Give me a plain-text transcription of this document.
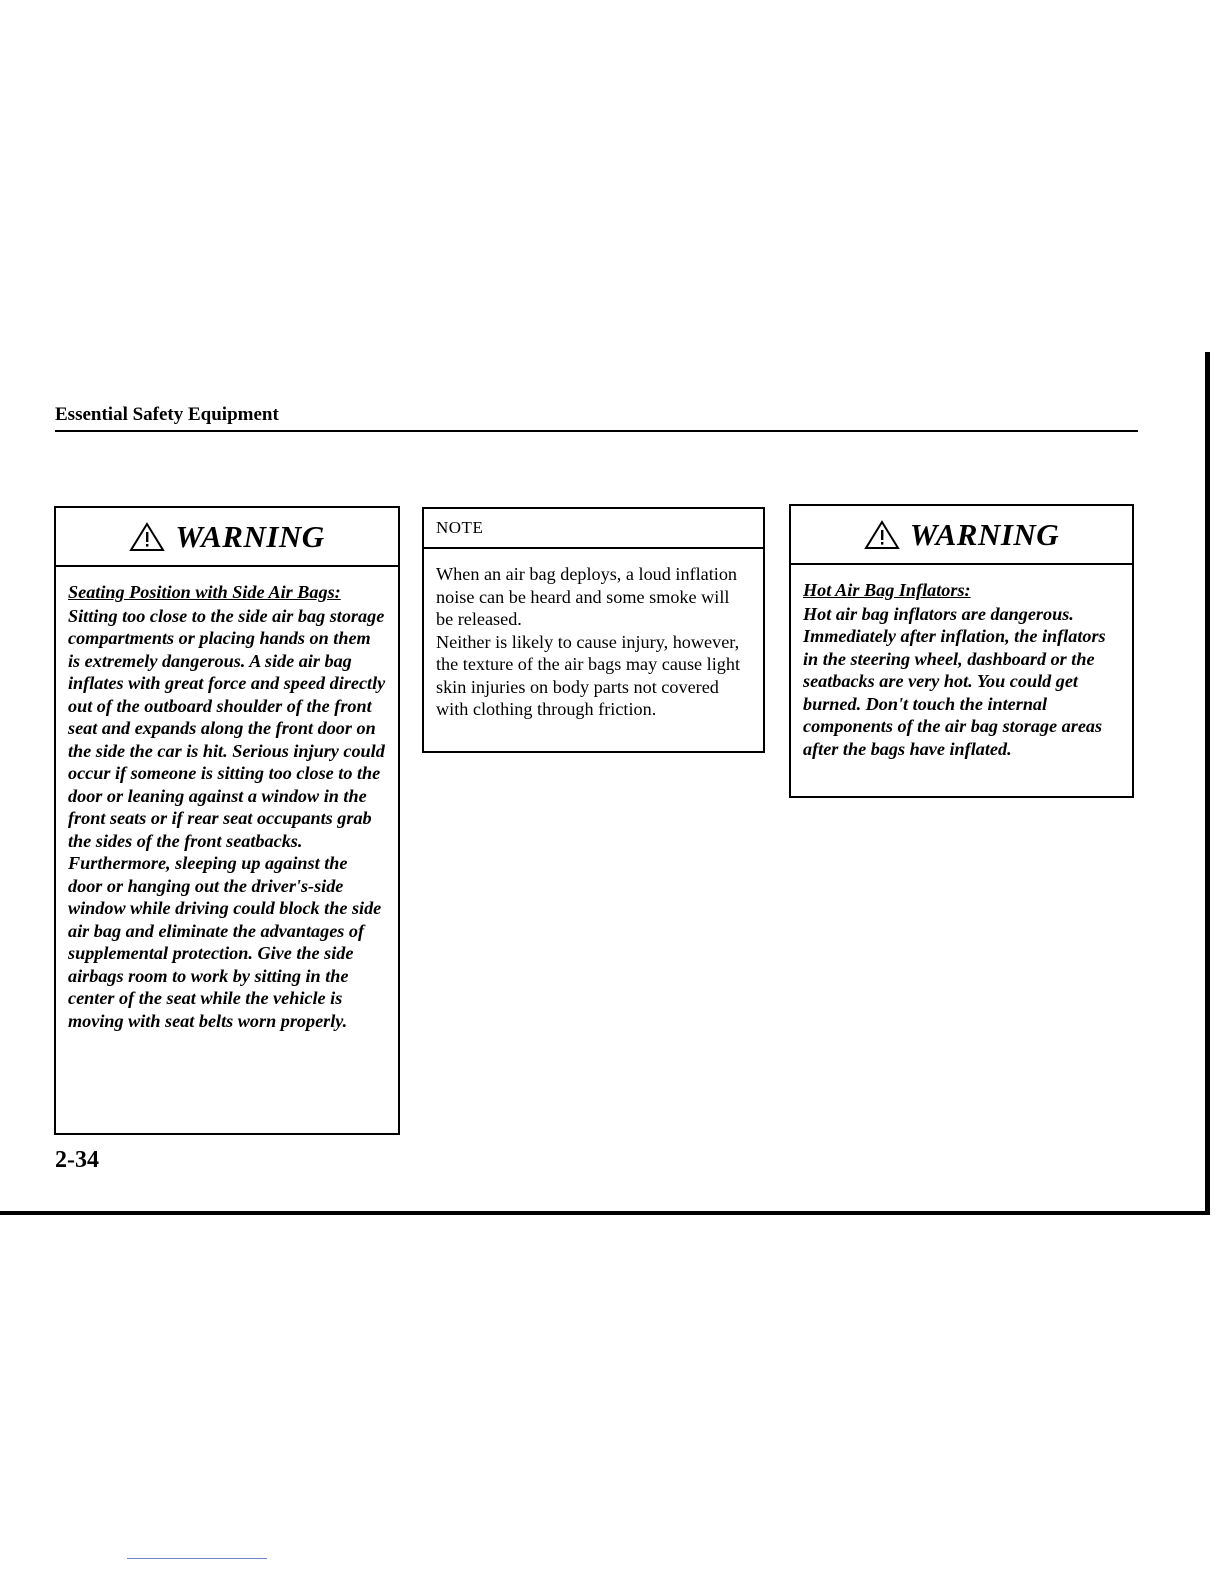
Essential Safety Equipment
WARNING
Seating Position with Side Air Bags:
Sitting too close to the side air bag storage compartments or placing hands on them is extremely dangerous. A side air bag inflates with great force and speed directly out of the outboard shoulder of the front seat and expands along the front door on the side the car is hit. Serious injury could occur if someone is sitting too close to the door or leaning against a window in the front seats or if rear seat occupants grab the sides of the front seatbacks. Furthermore, sleeping up against the door or hanging out the driver's-side window while driving could block the side air bag and eliminate the advantages of supplemental protection. Give the side airbags room to work by sitting in the center of the seat while the vehicle is moving with seat belts worn properly.
NOTE

When an air bag deploys, a loud inflation noise can be heard and some smoke will be released.

Neither is likely to cause injury, however, the texture of the air bags may cause light skin injuries on body parts not covered with clothing through friction.

WARNING
Hot Air Bag Inflators:
Hot air bag inflators are dangerous. Immediately after inflation, the inflators in the steering wheel, dashboard or the seatbacks are very hot. You could get burned. Don't touch the internal components of the air bag storage areas after the bags have inflated.
2-34
